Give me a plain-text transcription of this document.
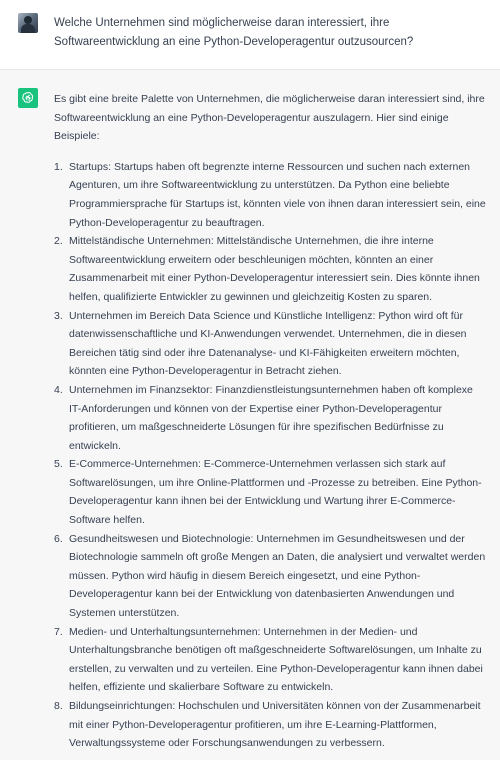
Welche Unternehmen sind möglicherweise daran interessiert, ihre Softwareentwicklung an eine Python-Developeragentur outzusourcen?

Es gibt eine breite Palette von Unternehmen, die möglicherweise daran interessiert sind, ihre Softwareentwicklung an eine Python-Developeragentur auszulagern. Hier sind einige Beispiele:

1. Startups: Startups haben oft begrenzte interne Ressourcen und suchen nach externen Agenturen, um ihre Softwareentwicklung zu unterstützen. Da Python eine beliebte Programmiersprache für Startups ist, könnten viele von ihnen daran interessiert sein, eine Python-Developeragentur zu beauftragen.
2. Mittelständische Unternehmen: Mittelständische Unternehmen, die ihre interne Softwareentwicklung erweitern oder beschleunigen möchten, könnten an einer Zusammenarbeit mit einer Python-Developeragentur interessiert sein. Dies könnte ihnen helfen, qualifizierte Entwickler zu gewinnen und gleichzeitig Kosten zu sparen.
3. Unternehmen im Bereich Data Science und Künstliche Intelligenz: Python wird oft für datenwissenschaftliche und KI-Anwendungen verwendet. Unternehmen, die in diesen Bereichen tätig sind oder ihre Datenanalyse- und KI-Fähigkeiten erweitern möchten, könnten eine Python-Developeragentur in Betracht ziehen.
4. Unternehmen im Finanzsektor: Finanzdienstleistungsunternehmen haben oft komplexe IT-Anforderungen und können von der Expertise einer Python-Developeragentur profitieren, um maßgeschneiderte Lösungen für ihre spezifischen Bedürfnisse zu entwickeln.
5. E-Commerce-Unternehmen: E-Commerce-Unternehmen verlassen sich stark auf Softwarelösungen, um ihre Online-Plattformen und -Prozesse zu betreiben. Eine Python-Developeragentur kann ihnen bei der Entwicklung und Wartung ihrer E-Commerce-Software helfen.
6. Gesundheitswesen und Biotechnologie: Unternehmen im Gesundheitswesen und der Biotechnologie sammeln oft große Mengen an Daten, die analysiert und verwaltet werden müssen. Python wird häufig in diesem Bereich eingesetzt, und eine Python-Developeragentur kann bei der Entwicklung von datenbasierten Anwendungen und Systemen unterstützen.
7. Medien- und Unterhaltungsunternehmen: Unternehmen in der Medien- und Unterhaltungsbranche benötigen oft maßgeschneiderte Softwarelösungen, um Inhalte zu erstellen, zu verwalten und zu verteilen. Eine Python-Developeragentur kann ihnen dabei helfen, effiziente und skalierbare Software zu entwickeln.
8. Bildungseinrichtungen: Hochschulen und Universitäten können von der Zusammenarbeit mit einer Python-Developeragentur profitieren, um ihre E-Learning-Plattformen, Verwaltungssysteme oder Forschungsanwendungen zu verbessern.
